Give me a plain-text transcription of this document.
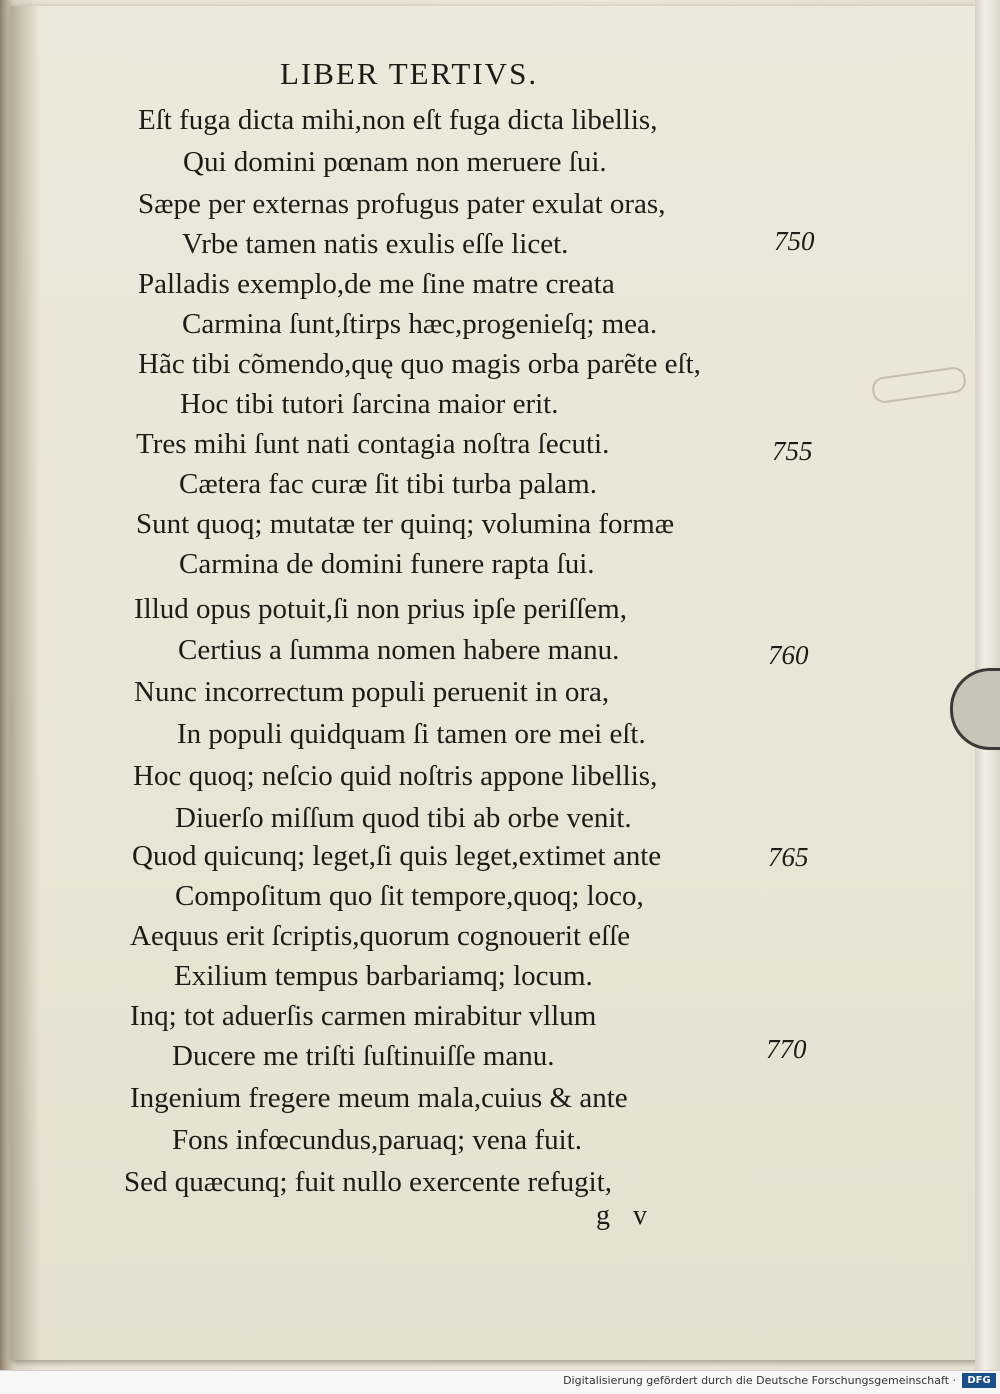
LIBER TERTIVS.
Eſt fuga dicta mihi,non eſt fuga dicta libellis,
Qui domini pœnam non meruere ſui.
Sæpe per externas profugus pater exulat oras,
Vrbe tamen natis exulis eſſe licet.
Palladis exemplo,de me ſine matre creata
Carmina ſunt,ſtirps hæc,progenieſq; mea.
Hãc tibi cõmendo,quę quo magis orba parẽte eſt,
Hoc tibi tutori ſarcina maior erit.
Tres mihi ſunt nati contagia noſtra ſecuti.
Cætera fac curæ ſit tibi turba palam.
Sunt quoq; mutatæ ter quinq; volumina formæ
Carmina de domini funere rapta ſui.
Illud opus potuit,ſi non prius ipſe periſſem,
Certius a ſumma nomen habere manu.
Nunc incorrectum populi peruenit in ora,
In populi quidquam ſi tamen ore mei eſt.
Hoc quoq; neſcio quid noſtris appone libellis,
Diuerſo miſſum quod tibi ab orbe venit.
Quod quicunq; leget,ſi quis leget,extimet ante
Compoſitum quo ſit tempore,quoq; loco,
Aequus erit ſcriptis,quorum cognouerit eſſe
Exilium tempus barbariamq; locum.
Inq; tot aduerſis carmen mirabitur vllum
Ducere me triſti ſuſtinuiſſe manu.
Ingenium fregere meum mala,cuius & ante
Fons infœcundus,paruaq; vena fuit.
Sed quæcunq; fuit nullo exercente refugit,
750
755
760
765
770
g v
Digitalisierung gefördert durch die Deutsche Forschungsgemeinschaft ·	DFG
